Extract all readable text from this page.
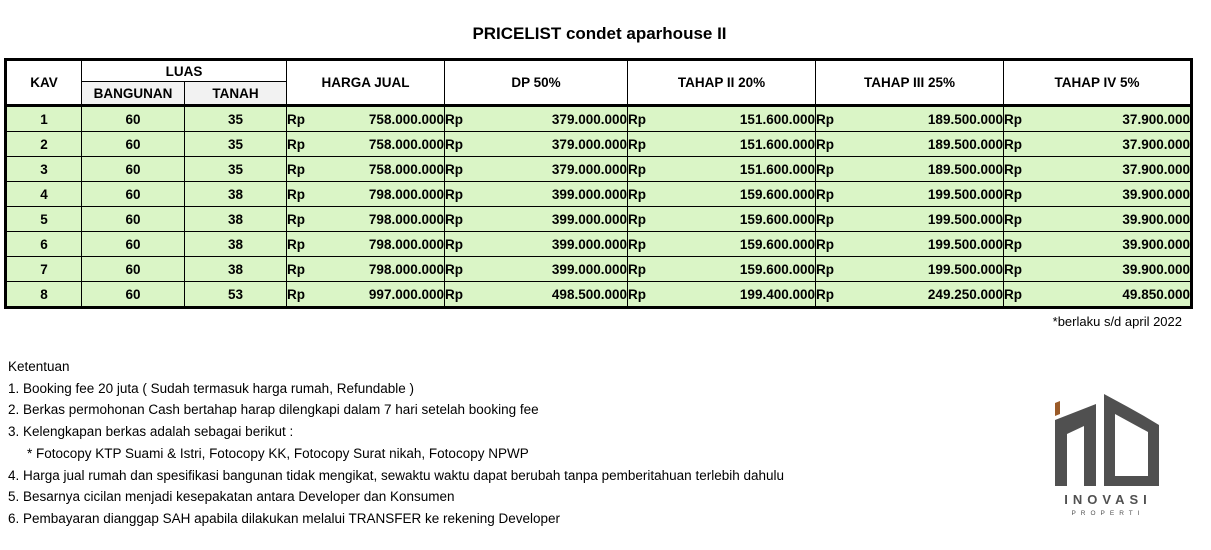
PRICELIST condet aparhouse II
KAV	LUAS		HARGA JUAL	DP 50%	TAHAP II 20%	TAHAP III 25%	TAHAP IV 5%
	BANGUNAN	TANAH					
1	60	35	Rp 758.000.000	Rp 379.000.000	Rp 151.600.000	Rp 189.500.000	Rp 37.900.000

2	60	35	Rp 758.000.000	Rp 379.000.000	Rp 151.600.000	Rp 189.500.000	Rp 37.900.000

3	60	35	Rp 758.000.000	Rp 379.000.000	Rp 151.600.000	Rp 189.500.000	Rp 37.900.000

4	60	38	Rp 798.000.000	Rp 399.000.000	Rp 159.600.000	Rp 199.500.000	Rp 39.900.000

5	60	38	Rp 798.000.000	Rp 399.000.000	Rp 159.600.000	Rp 199.500.000	Rp 39.900.000

6	60	38	Rp 798.000.000	Rp 399.000.000	Rp 159.600.000	Rp 199.500.000	Rp 39.900.000

7	60	38	Rp 798.000.000	Rp 399.000.000	Rp 159.600.000	Rp 199.500.000	Rp 39.900.000

8	60	53	Rp 997.000.000	Rp 498.500.000	Rp 199.400.000	Rp 249.250.000	Rp 49.850.000
*berlaku s/d april 2022
Ketentuan
1. Booking fee 20 juta ( Sudah termasuk harga rumah, Refundable )
2. Berkas permohonan Cash bertahap harap dilengkapi dalam 7 hari setelah booking fee
3. Kelengkapan berkas adalah sebagai berikut :
* Fotocopy KTP Suami & Istri, Fotocopy KK, Fotocopy Surat nikah, Fotocopy NPWP
4. Harga jual rumah dan spesifikasi bangunan tidak mengikat, sewaktu waktu dapat berubah tanpa pemberitahuan terlebih dahulu
5. Besarnya cicilan menjadi kesepakatan antara Developer dan Konsumen
6. Pembayaran dianggap SAH apabila dilakukan melalui TRANSFER ke rekening Developer
INOVASI
PROPERTI
